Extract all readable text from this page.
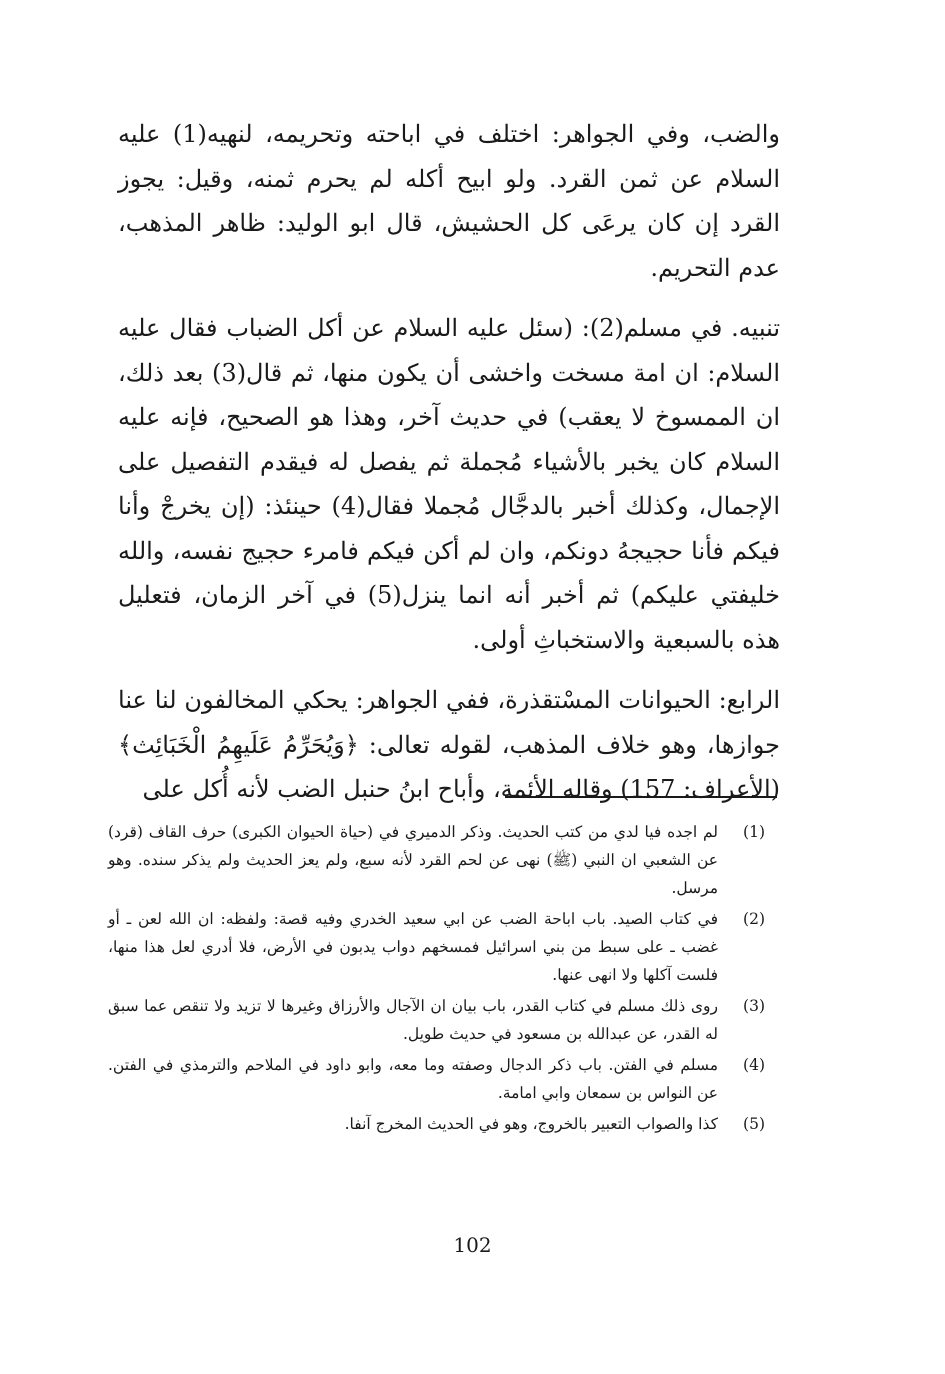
والضب، وفي الجواهر: اختلف في اباحته وتحريمه، لنهيه(1) عليه السلام عن ثمن القرد. ولو ابيح أكله لم يحرم ثمنه، وقيل: يجوز القرد إن كان يرعَى كل الحشيش، قال ابو الوليد: ظاهر المذهب، عدم التحريم.

تنبيه. في مسلم(2): (سئل عليه السلام عن أكل الضباب فقال عليه السلام: ان امة مسخت واخشى أن يكون منها، ثم قال(3) بعد ذلك، ان الممسوخ لا يعقب) في حديث آخر، وهذا هو الصحيح، فإنه عليه السلام كان يخبر بالأشياء مُجملة ثم يفصل له فيقدم التفصيل على الإجمال، وكذلك أخبر بالدجَّال مُجملا فقال(4) حينئذ: (إن يخرجْ وأنا فيكم فأنا حجيجهُ دونكم، وان لم أكن فيكم فامرء حجيج نفسه، والله خليفتي عليكم) ثم أخبر أنه انما ينزل(5) في آخر الزمان، فتعليل هذه بالسبعية والاستخباثِ أولى.

الرابع: الحيوانات المسْتقذرة، ففي الجواهر: يحكي المخالفون لنا عنا جوازها، وهو خلاف المذهب، لقوله تعالى: ﴿وَيُحَرِّمُ عَلَيهِمُ الْخَبَائِث﴾ (الأعراف: 157) وقاله الأئمة، وأباح ابنُ حنبل الضب لأنه أُكل على

(1)
لم اجده فيا لدي من كتب الحديث. وذكر الدميري في (حياة الحيوان الكبرى) حرف القاف (قرد) عن الشعبي ان النبي (ﷺ) نهى عن لحم القرد لأنه سبع، ولم يعز الحديث ولم يذكر سنده. وهو مرسل.
(2)
في كتاب الصيد. باب اباحة الضب عن ابي سعيد الخدري وفيه قصة: ولفظه: ان الله لعن ـ أو غضب ـ على سبط من بني اسرائيل فمسخهم دواب يدبون في الأرض، فلا أدري لعل هذا منها، فلست آكلها ولا انهى عنها.
(3)
روى ذلك مسلم في كتاب القدر، باب بيان ان الآجال والأرزاق وغيرها لا تزيد ولا تنقص عما سبق له القدر، عن عبدالله بن مسعود في حديث طويل.
(4)
مسلم في الفتن. باب ذكر الدجال وصفته وما معه، وابو داود في الملاحم والترمذي في الفتن. عن النواس بن سمعان وابي امامة.
(5)
كذا والصواب التعبير بالخروج، وهو في الحديث المخرج آنفا.
102
